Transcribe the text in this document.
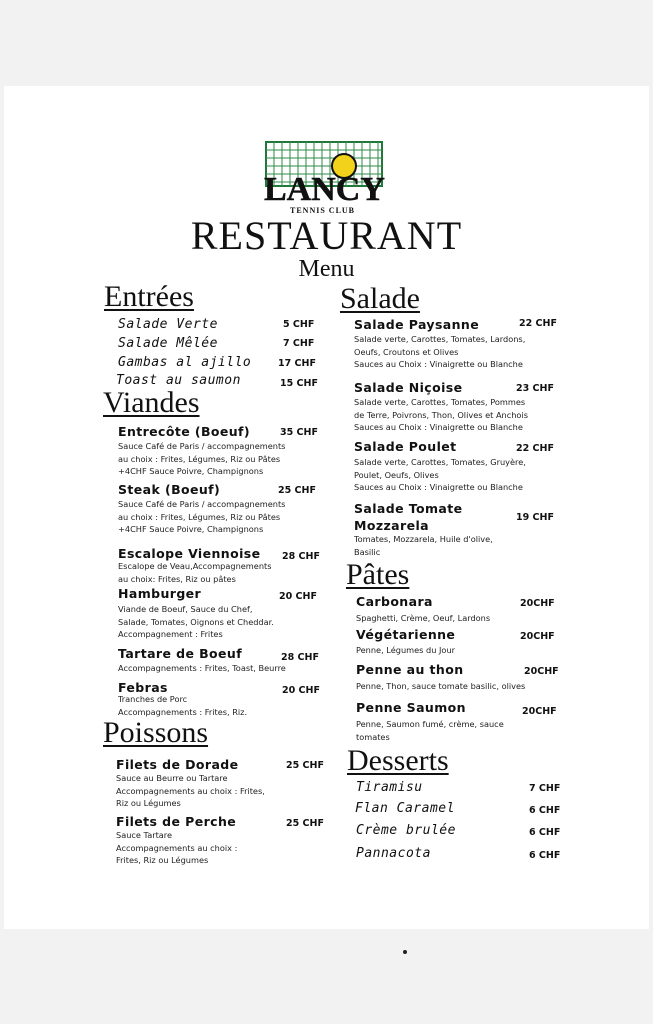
LANCY
TENNIS CLUB
RESTAURANT
Menu
Entrées
Salade Verte	5 CHF
Salade Mêlée	7 CHF
Gambas al ajillo	17 CHF
Toast au saumon	15 CHF
Viandes
Entrecôte (Boeuf)	35 CHF
Sauce Café de Paris / accompagnements
au choix : Frites, Légumes, Riz ou Pâtes
+4CHF Sauce Poivre, Champignons
Steak (Boeuf)	25 CHF
Sauce Café de Paris / accompagnements
au choix : Frites, Légumes, Riz ou Pâtes
+4CHF Sauce Poivre, Champignons
Escalope Viennoise 28 CHF
Escalope de Veau,Accompagnements
au choix: Frites, Riz ou pâtes
Hamburger	20 CHF
Viande de Boeuf, Sauce du Chef,
Salade, Tomates, Oignons et Cheddar.
Accompagnement : Frites
Tartare de Boeuf	28 CHF
Accompagnements : Frites, Toast, Beurre
Febras	20 CHF
Tranches de Porc
Accompagnements : Frites, Riz.
Poissons
Filets de Dorade	25 CHF
Sauce au Beurre ou Tartare
Accompagnements au choix : Frites,
Riz ou Légumes
Filets de Perche	25 CHF
Sauce Tartare
Accompagnements au choix :
Frites, Riz ou Légumes
Salade
Salade Paysanne	22 CHF
Salade verte, Carottes, Tomates, Lardons,
Oeufs, Croutons et Olives
Sauces au Choix : Vinaigrette ou Blanche
Salade Niçoise	23 CHF
Salade verte, Carottes, Tomates, Pommes
de Terre, Poivrons, Thon, Olives et Anchois
Sauces au Choix : Vinaigrette ou Blanche
Salade Poulet	22 CHF
Salade verte, Carottes, Tomates, Gruyère,
Poulet, Oeufs, Olives
Sauces au Choix : Vinaigrette ou Blanche
Salade Tomate
Mozzarela
19 CHF
Tomates, Mozzarela, Huile d'olive,
Basilic
Pâtes
Carbonara	20CHF
Spaghetti, Crème, Oeuf, Lardons
Végétarienne	20CHF
Penne, Légumes du Jour
Penne au thon	20CHF
Penne, Thon, sauce tomate basilic, olives
Penne Saumon	20CHF
Penne, Saumon fumé, crème, sauce
tomates
Desserts
Tiramisu	7 CHF
Flan Caramel	6 CHF
Crème brulée	6 CHF
Pannacota	6 CHF
